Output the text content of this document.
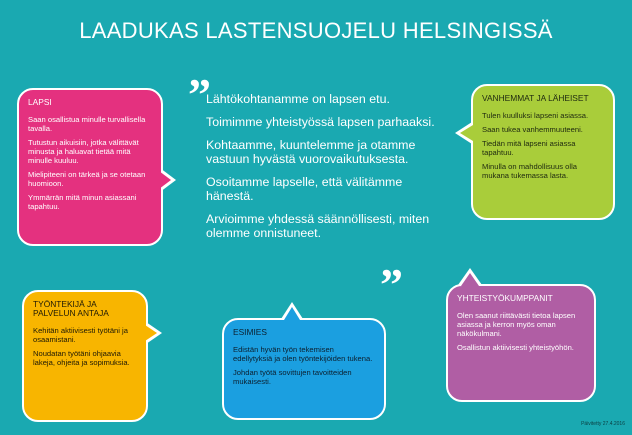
LAADUKAS LASTENSUOJELU HELSINGISSÄ
”

Lähtökohtanamme on lapsen etu.

Toimimme yhteistyössä lapsen parhaaksi.

Kohtaamme, kuuntelemme ja otamme vastuun hyvästä vuorovaikutuksesta.

Osoitamme lapselle, että välitämme hänestä.

Arvioimme yhdessä säännöllisesti, miten olemme onnistuneet.

”
LAPSI

Saan osallistua minulle turvallisella tavalla.

Tutustun aikuisiin, jotka välittävät minusta ja haluavat tietää mitä minulle kuuluu.

Mielipiteeni on tärkeä ja se otetaan huomioon.

Ymmärrän mitä minun asiassani tapahtuu.

VANHEMMAT JA LÄHEISET

Tulen kuulluksi lapseni asiassa.

Saan tukea vanhemmuuteeni.

Tiedän mitä lapseni asiassa tapahtuu.

Minulla on mahdollisuus olla mukana tukemassa lasta.

TYÖNTEKIJÄ JA PALVELUN ANTAJA

Kehitän aktiivisesti työtäni ja osaamistani.

Noudatan työtäni ohjaavia lakeja, ohjeita ja sopimuksia.

ESIMIES

Edistän hyvän työn tekemisen edellytyksiä ja olen työntekijöiden tukena.

Johdan työtä sovittujen tavoitteiden mukaisesti.

YHTEISTYÖKUMPPANIT

Olen saanut riittävästi tietoa lapsen asiassa ja kerron myös oman näkökulmani.

Osallistun aktiivisesti yhteistyöhön.

Päivitetty 27.4.2016
